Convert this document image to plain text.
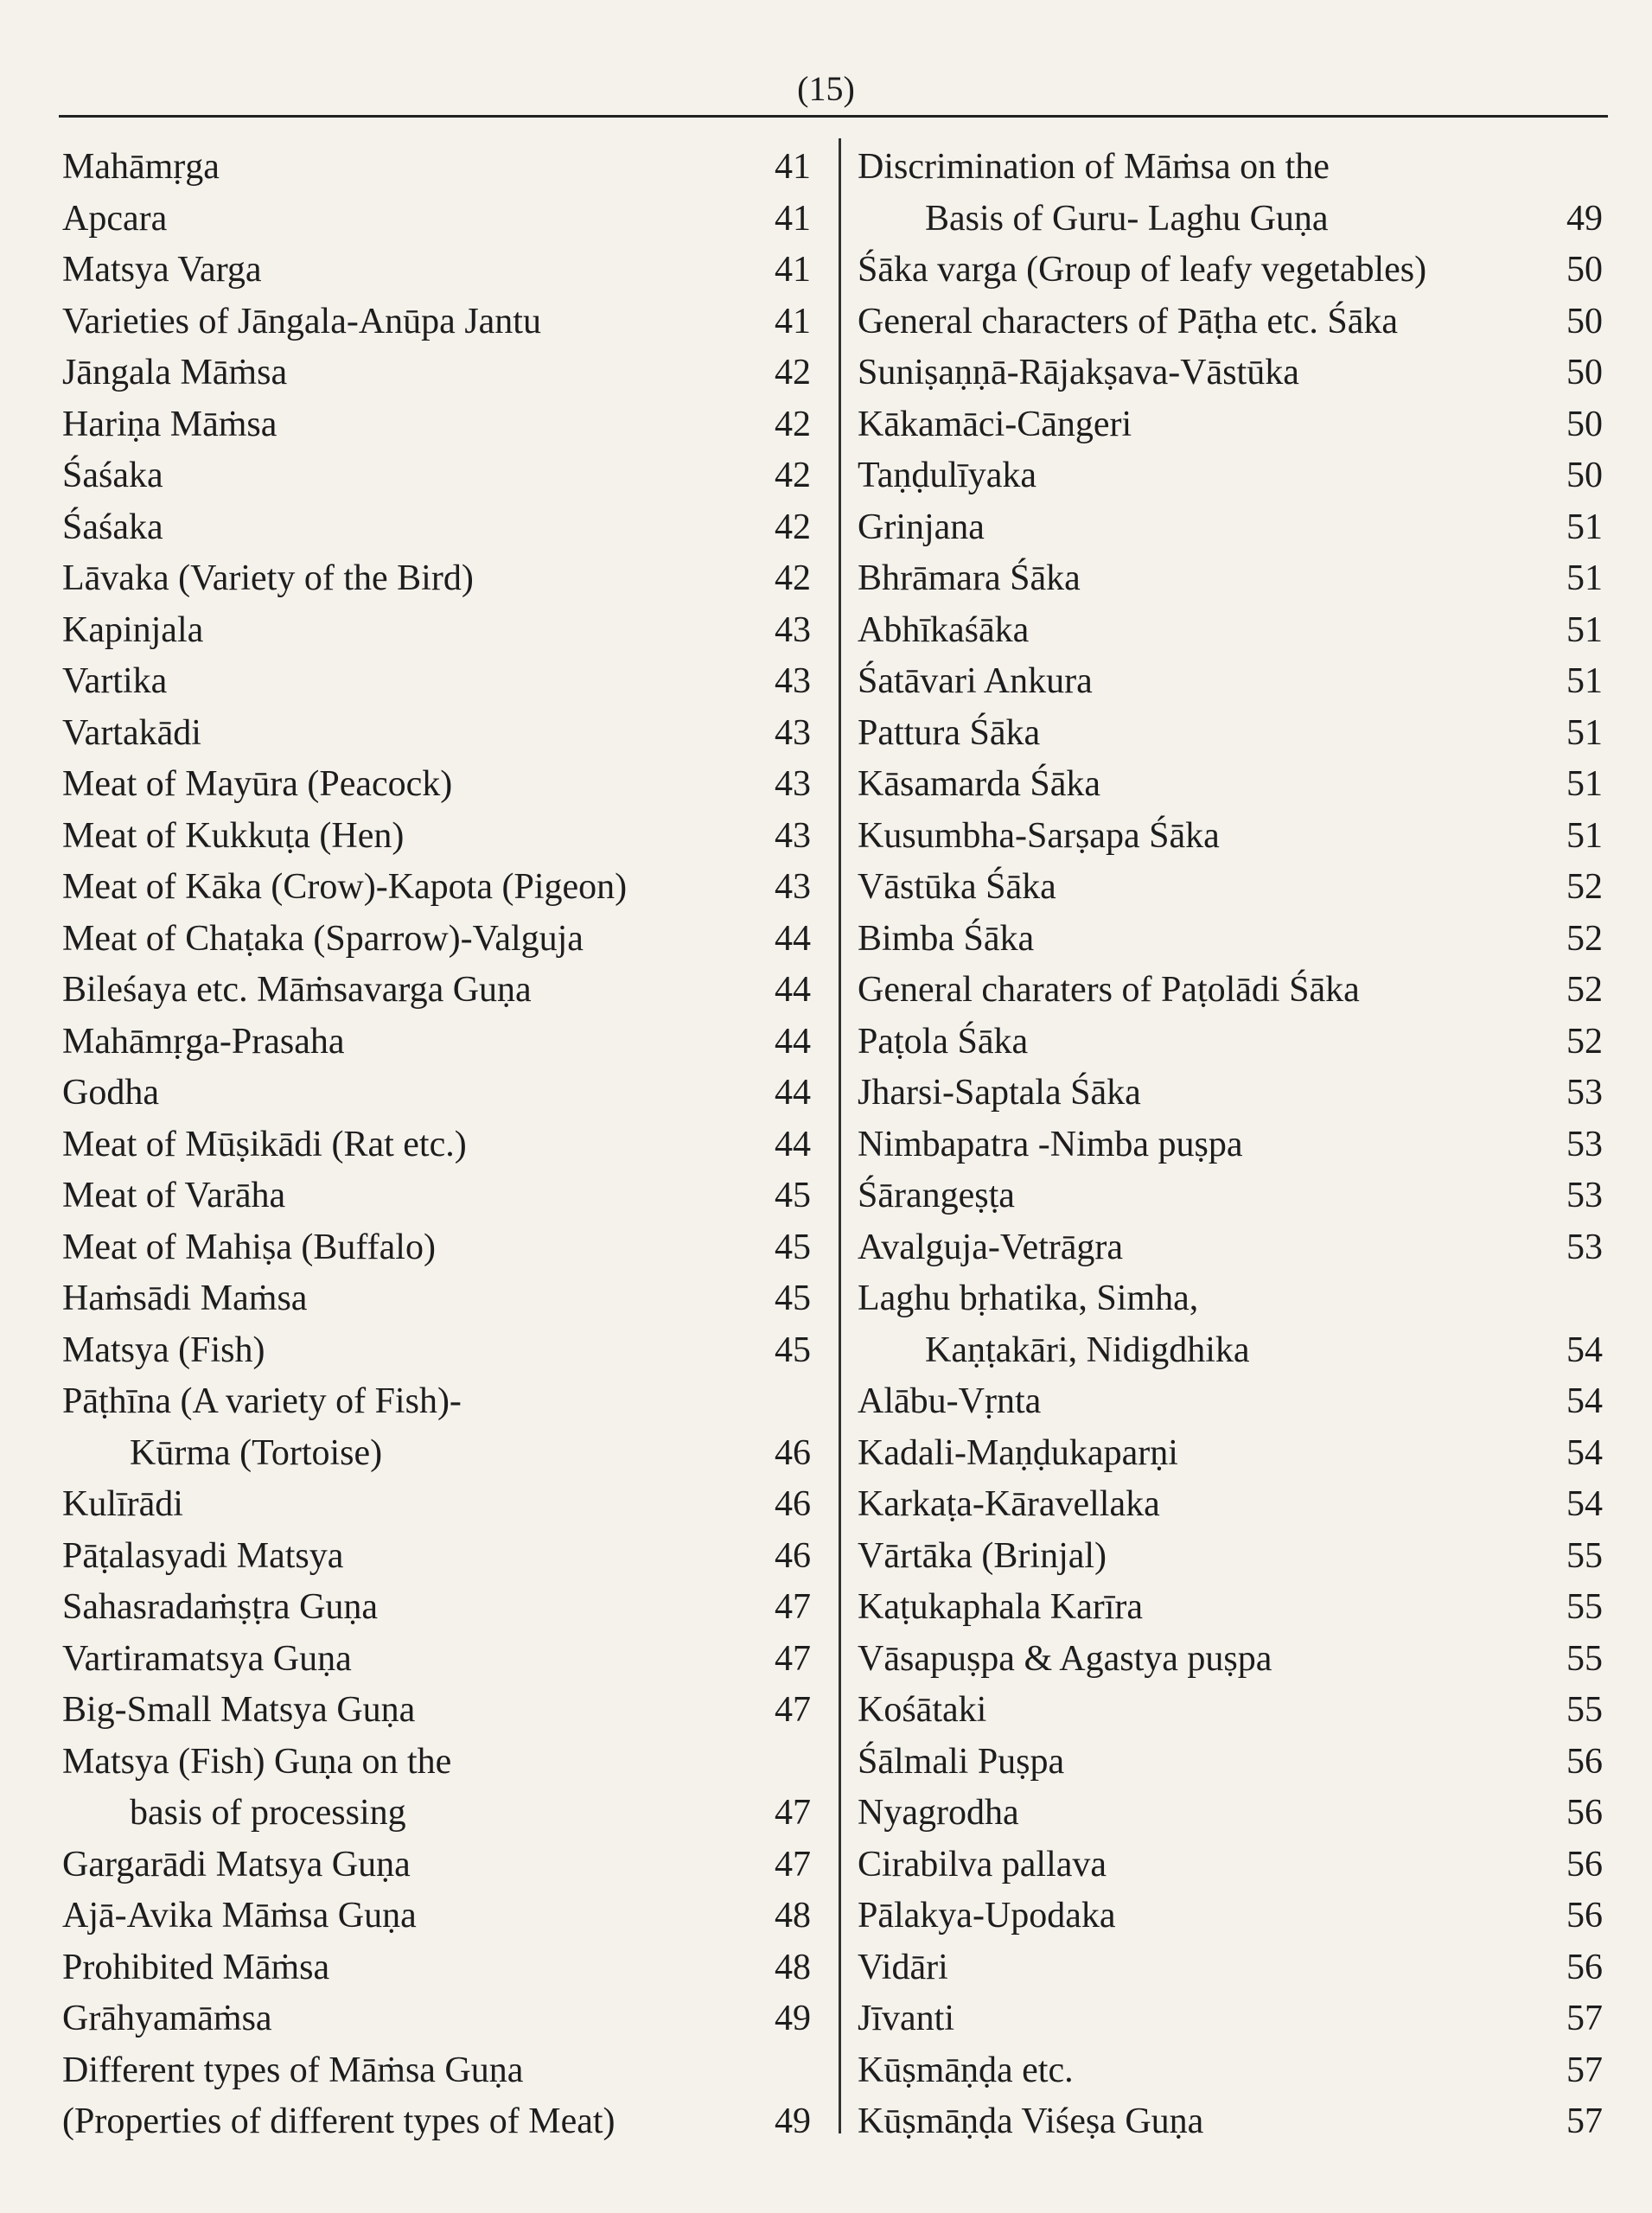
(15)
Mahāmṛga	41
Apcara	41
Matsya Varga	41
Varieties of Jāngala-Anūpa Jantu	41
Jāngala Māṁsa	42
Hariṇa Māṁsa	42
Śaśaka	42
Śaśaka	42
Lāvaka (Variety of the Bird)	42
Kapinjala	43
Vartika	43
Vartakādi	43
Meat of Mayūra (Peacock)	43
Meat of Kukkuṭa (Hen)	43
Meat of Kāka (Crow)-Kapota (Pigeon)	43
Meat of Chaṭaka (Sparrow)-Valguja	44
Bileśaya etc. Māṁsavarga Guṇa	44
Mahāmṛga-Prasaha	44
Godha	44
Meat of Mūṣikādi (Rat etc.)	44
Meat of Varāha	45
Meat of Mahiṣa (Buffalo)	45
Haṁsādi Maṁsa	45
Matsya (Fish)	45
Pāṭhīna (A variety of Fish)-
Kūrma (Tortoise)	46
Kulīrādi	46
Pāṭalasyadi Matsya	46
Sahasradaṁṣṭra Guṇa	47
Vartiramatsya Guṇa	47
Big-Small Matsya Guṇa	47
Matsya (Fish) Guṇa on the
basis of processing	47
Gargarādi Matsya Guṇa	47
Ajā-Avika Māṁsa Guṇa	48
Prohibited Māṁsa	48
Grāhyamāṁsa	49
Different types of Māṁsa Guṇa
(Properties of different types of Meat)	49
Discrimination of Māṁsa on the
Basis of Guru- Laghu Guṇa	49
Śāka varga (Group of leafy vegetables)	50
General characters of Pāṭha etc. Śāka	50
Suniṣaṇṇā-Rājakṣava-Vāstūka	50
Kākamāci-Cāngeri	50
Taṇḍulīyaka	50
Grinjana	51
Bhrāmara Śāka	51
Abhīkaśāka	51
Śatāvari Ankura	51
Pattura Śāka	51
Kāsamarda Śāka	51
Kusumbha-Sarṣapa Śāka	51
Vāstūka Śāka	52
Bimba Śāka	52
General charaters of Paṭolādi Śāka	52
Paṭola Śāka	52
Jharsi-Saptala Śāka	53
Nimbapatra -Nimba puṣpa	53
Śārangeṣṭa	53
Avalguja-Vetrāgra	53
Laghu bṛhatika, Simha,
Kaṇṭakāri, Nidigdhika	54
Alābu-Vṛnta	54
Kadali-Maṇḍukaparṇi	54
Karkaṭa-Kāravellaka	54
Vārtāka (Brinjal)	55
Kaṭukaphala Karīra	55
Vāsapuṣpa & Agastya puṣpa	55
Kośātaki	55
Śālmali Puṣpa	56
Nyagrodha	56
Cirabilva pallava	56
Pālakya-Upodaka	56
Vidāri	56
Jīvanti	57
Kūṣmāṇḍa etc.	57
Kūṣmāṇḍa Viśeṣa Guṇa	57
